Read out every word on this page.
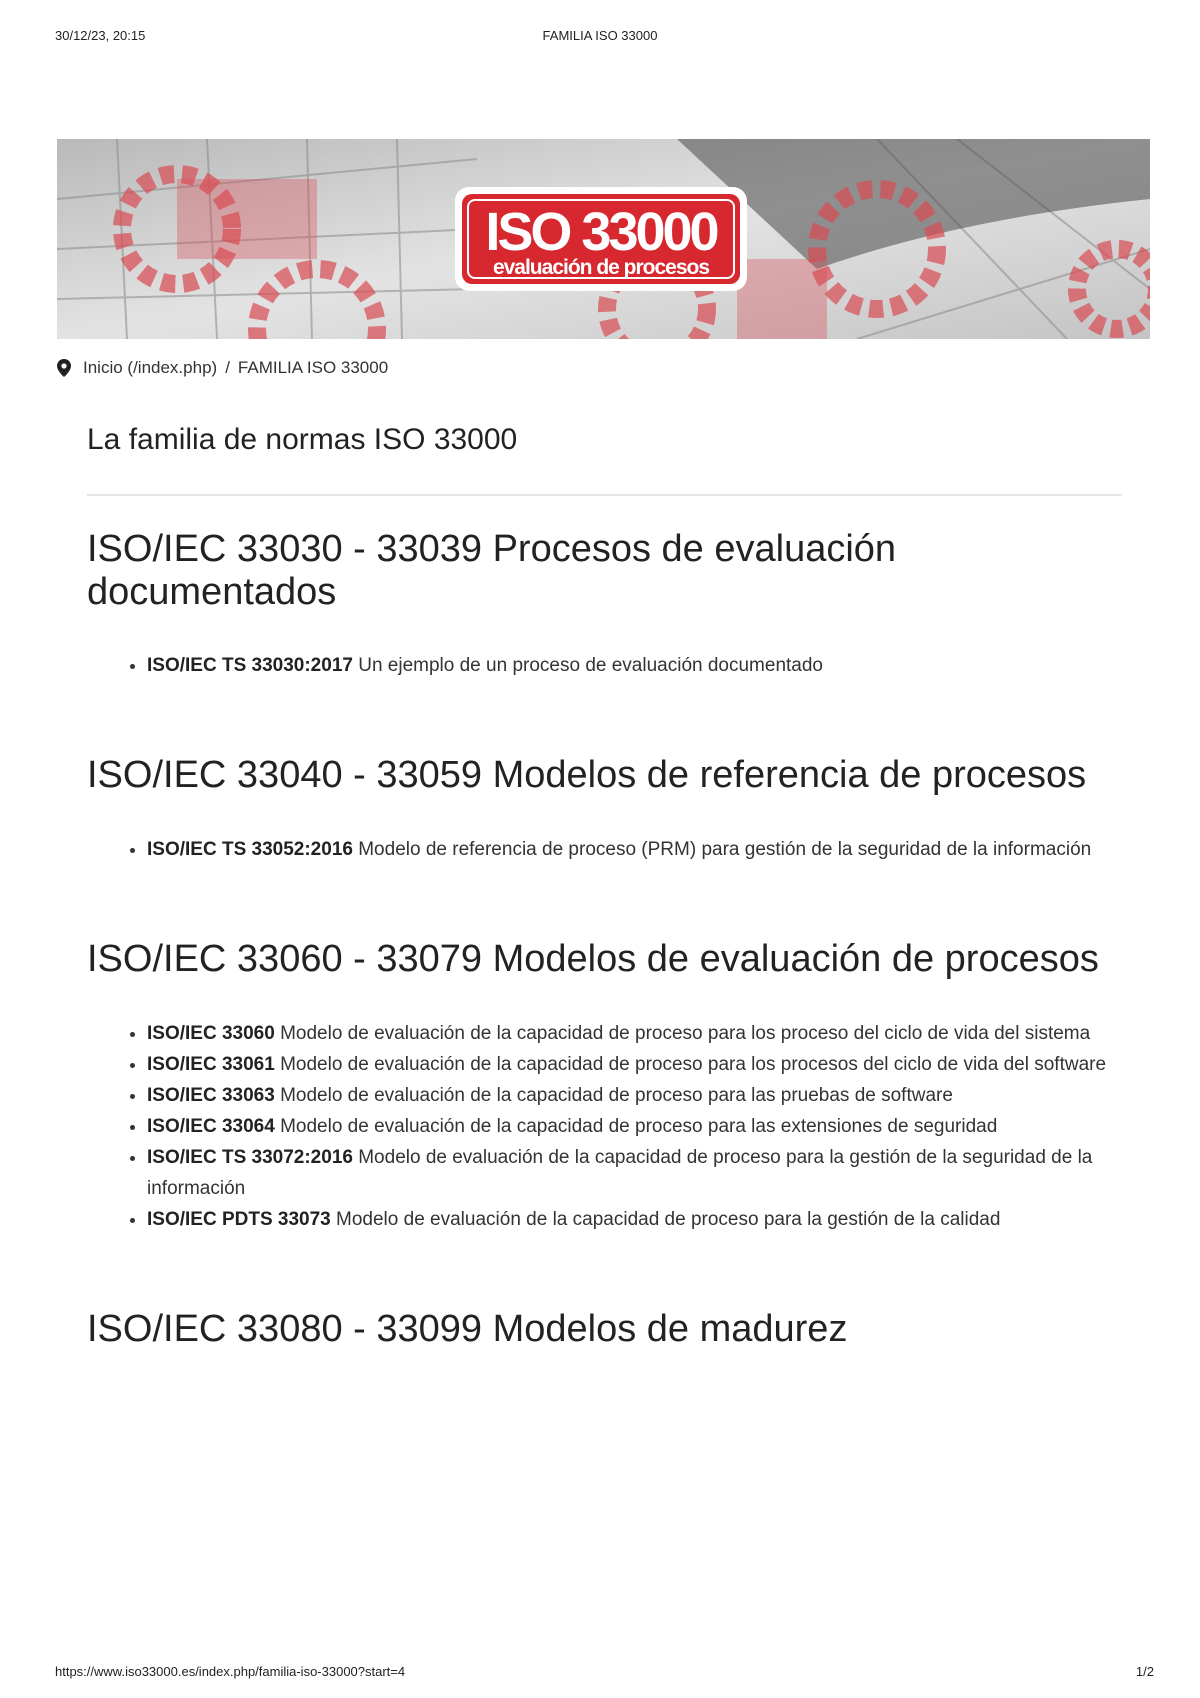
30/12/23, 20:15	FAMILIA ISO 33000
ISO 33000
evaluación de procesos
Inicio (/index.php) / FAMILIA ISO 33000
La familia de normas ISO 33000
ISO/IEC 33030 - 33039 Procesos de evaluación documentados
• ISO/IEC TS 33030:2017 Un ejemplo de un proceso de evaluación documentado
ISO/IEC 33040 - 33059 Modelos de referencia de procesos
• ISO/IEC TS 33052:2016 Modelo de referencia de proceso (PRM) para gestión de la seguridad de la información
ISO/IEC 33060 - 33079 Modelos de evaluación de procesos
• ISO/IEC 33060 Modelo de evaluación de la capacidad de proceso para los proceso del ciclo de vida del sistema
• ISO/IEC 33061 Modelo de evaluación de la capacidad de proceso para los procesos del ciclo de vida del software
• ISO/IEC 33063 Modelo de evaluación de la capacidad de proceso para las pruebas de software
• ISO/IEC 33064 Modelo de evaluación de la capacidad de proceso para las extensiones de seguridad
• ISO/IEC TS 33072:2016 Modelo de evaluación de la capacidad de proceso para la gestión de la seguridad de la información
• ISO/IEC PDTS 33073 Modelo de evaluación de la capacidad de proceso para la gestión de la calidad
ISO/IEC 33080 - 33099 Modelos de madurez
https://www.iso33000.es/index.php/familia-iso-33000?start=4	1/2
